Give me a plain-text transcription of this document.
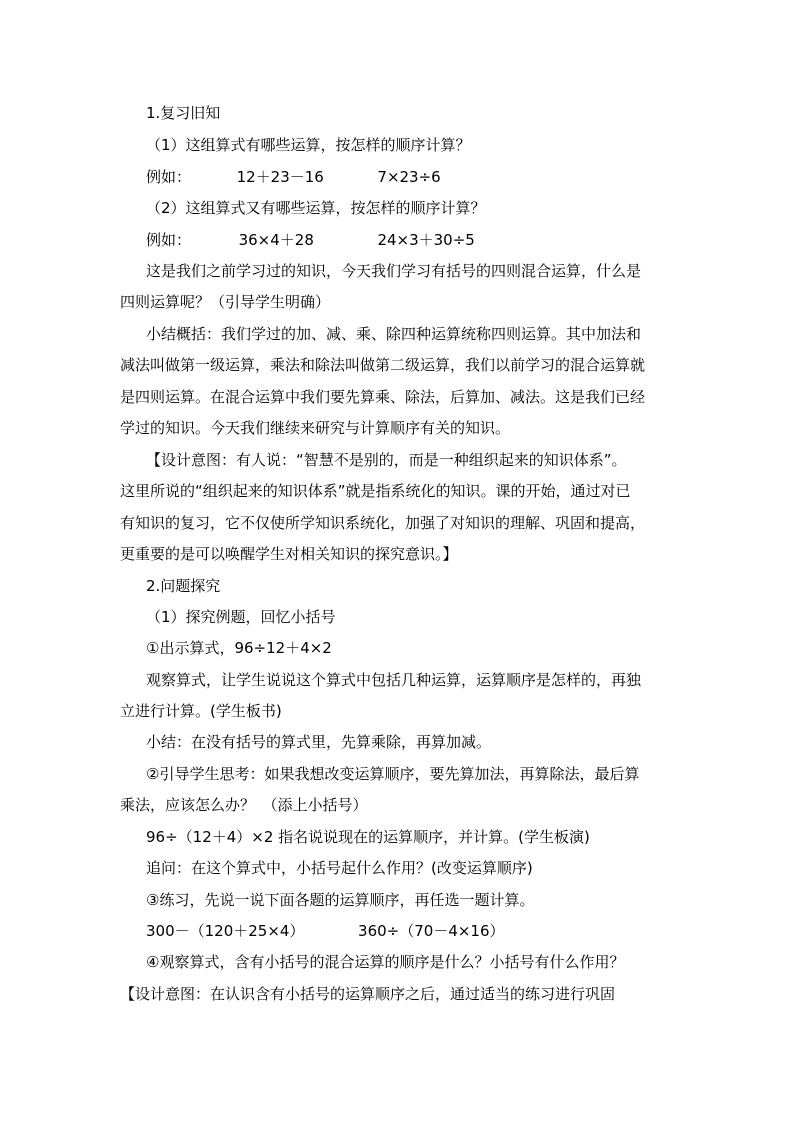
1.复习旧知
（1）这组算式有哪些运算，按怎样的顺序计算？
例如：	12＋23－16	7×23÷6
（2）这组算式又有哪些运算，按怎样的顺序计算？
例如：	36×4＋28	24×3＋30÷5
这是我们之前学习过的知识，今天我们学习有括号的四则混合运算，什么是
四则运算呢？（引导学生明确）
小结概括：我们学过的加、减、乘、除四种运算统称四则运算。其中加法和
减法叫做第一级运算，乘法和除法叫做第二级运算，我们以前学习的混合运算就
是四则运算。在混合运算中我们要先算乘、除法，后算加、减法。这是我们已经
学过的知识。今天我们继续来研究与计算顺序有关的知识。
【设计意图：有人说：“智慧不是别的，而是一种组织起来的知识体系”。
这里所说的“组织起来的知识体系”就是指系统化的知识。课的开始，通过对已
有知识的复习，它不仅使所学知识系统化，加强了对知识的理解、巩固和提高，
更重要的是可以唤醒学生对相关知识的探究意识。】
2.问题探究
（1）探究例题，回忆小括号
①出示算式，96÷12＋4×2
观察算式，让学生说说这个算式中包括几种运算，运算顺序是怎样的，再独
立进行计算。(学生板书)
小结：在没有括号的算式里，先算乘除，再算加减。
②引导学生思考：如果我想改变运算顺序，要先算加法，再算除法，最后算
乘法，应该怎么办？　（添上小括号）
96÷（12＋4）×2 指名说说现在的运算顺序，并计算。(学生板演)
追问：在这个算式中，小括号起什么作用？(改变运算顺序)
③练习，先说一说下面各题的运算顺序，再任选一题计算。
300－（120＋25×4）	360÷（70－4×16）
④观察算式，含有小括号的混合运算的顺序是什么？小括号有什么作用？
【设计意图：在认识含有小括号的运算顺序之后，通过适当的练习进行巩固
